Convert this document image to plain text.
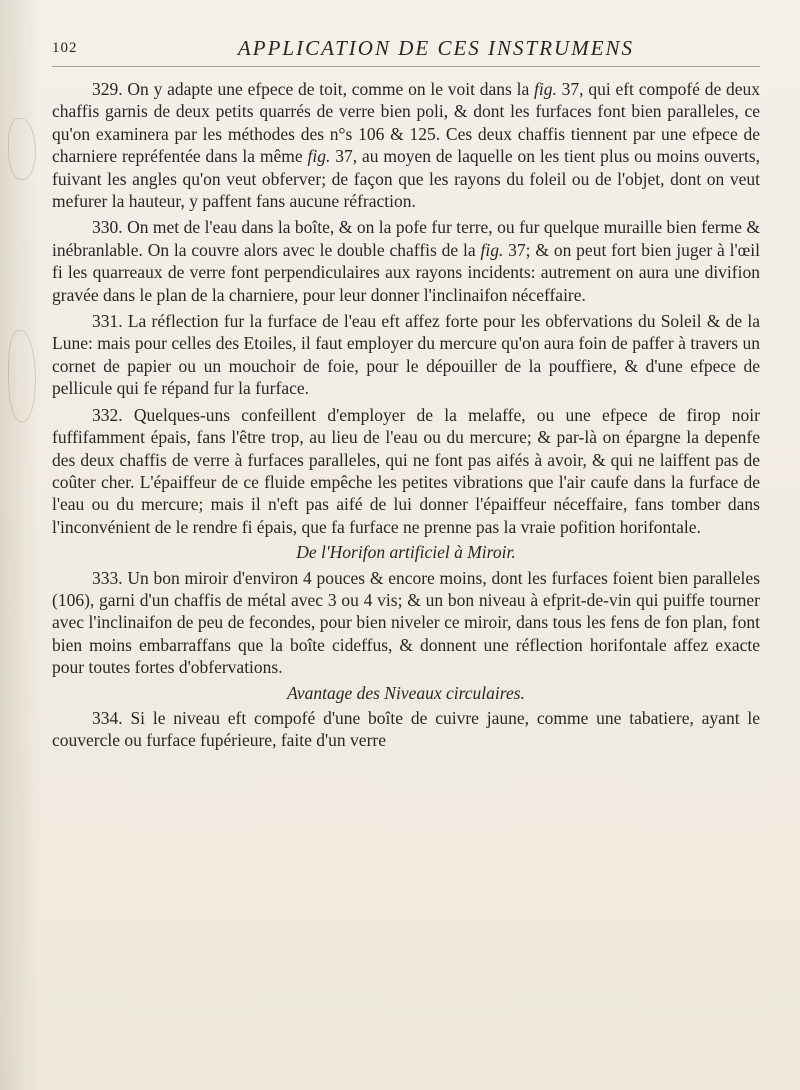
102	APPLICATION DE CES INSTRUMENS

329. On y adapte une efpece de toit, comme on le voit dans la fig. 37, qui eft compofé de deux chaffis garnis de deux petits quarrés de verre bien poli, & dont les furfaces font bien paralleles, ce qu'on examinera par les méthodes des n°s 106 & 125. Ces deux chaffis tiennent par une efpece de charniere repréfentée dans la même fig. 37, au moyen de laquelle on les tient plus ou moins ouverts, fuivant les angles qu'on veut obferver; de façon que les rayons du foleil ou de l'objet, dont on veut mefurer la hauteur, y paffent fans aucune réfraction.

330. On met de l'eau dans la boîte, & on la pofe fur terre, ou fur quelque muraille bien ferme & inébranlable. On la couvre alors avec le double chaffis de la fig. 37; & on peut fort bien juger à l'œil fi les quarreaux de verre font perpendiculaires aux rayons incidents: autrement on aura une divifion gravée dans le plan de la charniere, pour leur donner l'inclinaifon néceffaire.

331. La réflection fur la furface de l'eau eft affez forte pour les obfervations du Soleil & de la Lune: mais pour celles des Etoiles, il faut employer du mercure qu'on aura foin de paffer à travers un cornet de papier ou un mouchoir de foie, pour le dépouiller de la pouffiere, & d'une efpece de pellicule qui fe répand fur la furface.

332. Quelques-uns confeillent d'employer de la melaffe, ou une efpece de firop noir fuffifamment épais, fans l'être trop, au lieu de l'eau ou du mercure; & par-là on épargne la depenfe des deux chaffis de verre à furfaces paralleles, qui ne font pas aifés à avoir, & qui ne laiffent pas de coûter cher. L'épaiffeur de ce fluide empêche les petites vibrations que l'air caufe dans la furface de l'eau ou du mercure; mais il n'eft pas aifé de lui donner l'épaiffeur néceffaire, fans tomber dans l'inconvénient de le rendre fi épais, que fa furface ne prenne pas la vraie pofition horifontale.

De l'Horifon artificiel à Miroir.

333. Un bon miroir d'environ 4 pouces & encore moins, dont les furfaces foient bien paralleles (106), garni d'un chaffis de métal avec 3 ou 4 vis; & un bon niveau à efprit-de-vin qui puiffe tourner avec l'inclinaifon de peu de fecondes, pour bien niveler ce miroir, dans tous les fens de fon plan, font bien moins embarraffans que la boîte cideffus, & donnent une réflection horifontale affez exacte pour toutes fortes d'obfervations.

Avantage des Niveaux circulaires.

334. Si le niveau eft compofé d'une boîte de cuivre jaune, comme une tabatiere, ayant le couvercle ou furface fupérieure, faite d'un verre
